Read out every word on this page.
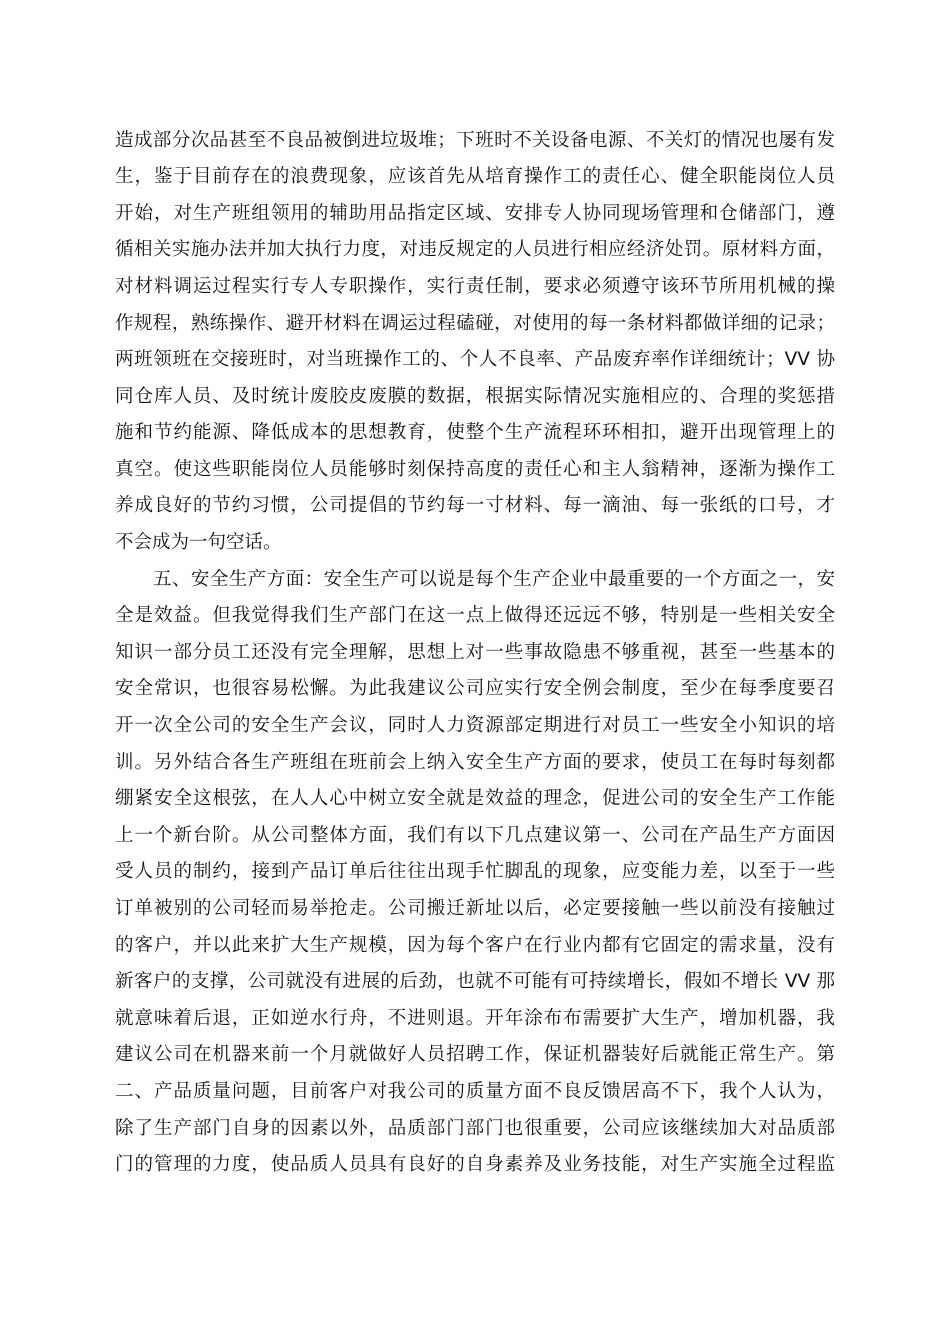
造成部分次品甚至不良品被倒进垃圾堆；下班时不关设备电源、不关灯的情况也屡有发
生，鉴于目前存在的浪费现象，应该首先从培育操作工的责任心、健全职能岗位人员
开始，对生产班组领用的辅助用品指定区域、安排专人协同现场管理和仓储部门，遵
循相关实施办法并加大执行力度，对违反规定的人员进行相应经济处罚。原材料方面，
对材料调运过程实行专人专职操作，实行责任制，要求必须遵守该环节所用机械的操
作规程，熟练操作、避开材料在调运过程磕碰，对使用的每一条材料都做详细的记录；
两班领班在交接班时，对当班操作工的、个人不良率、产品废弃率作详细统计；VV 协
同仓库人员、及时统计废胶皮废膜的数据，根据实际情况实施相应的、合理的奖惩措
施和节约能源、降低成本的思想教育，使整个生产流程环环相扣，避开出现管理上的
真空。使这些职能岗位人员能够时刻保持高度的责任心和主人翁精神，逐渐为操作工
养成良好的节约习惯，公司提倡的节约每一寸材料、每一滴油、每一张纸的口号，才
不会成为一句空话。
五、安全生产方面：安全生产可以说是每个生产企业中最重要的一个方面之一，安
全是效益。但我觉得我们生产部门在这一点上做得还远远不够，特别是一些相关安全
知识一部分员工还没有完全理解，思想上对一些事故隐患不够重视，甚至一些基本的
安全常识，也很容易松懈。为此我建议公司应实行安全例会制度，至少在每季度要召
开一次全公司的安全生产会议，同时人力资源部定期进行对员工一些安全小知识的培
训。另外结合各生产班组在班前会上纳入安全生产方面的要求，使员工在每时每刻都
绷紧安全这根弦，在人人心中树立安全就是效益的理念，促进公司的安全生产工作能
上一个新台阶。从公司整体方面，我们有以下几点建议第一、公司在产品生产方面因
受人员的制约，接到产品订单后往往出现手忙脚乱的现象，应变能力差，以至于一些
订单被别的公司轻而易举抢走。公司搬迁新址以后，必定要接触一些以前没有接触过
的客户，并以此来扩大生产规模，因为每个客户在行业内都有它固定的需求量，没有
新客户的支撑，公司就没有进展的后劲，也就不可能有可持续增长，假如不增长 VV 那
就意味着后退，正如逆水行舟，不进则退。开年涂布布需要扩大生产，增加机器，我
建议公司在机器来前一个月就做好人员招聘工作，保证机器装好后就能正常生产。第
二、产品质量问题，目前客户对我公司的质量方面不良反馈居高不下，我个人认为，
除了生产部门自身的因素以外，品质部门部门也很重要，公司应该继续加大对品质部
门的管理的力度，使品质人员具有良好的自身素养及业务技能，对生产实施全过程监
